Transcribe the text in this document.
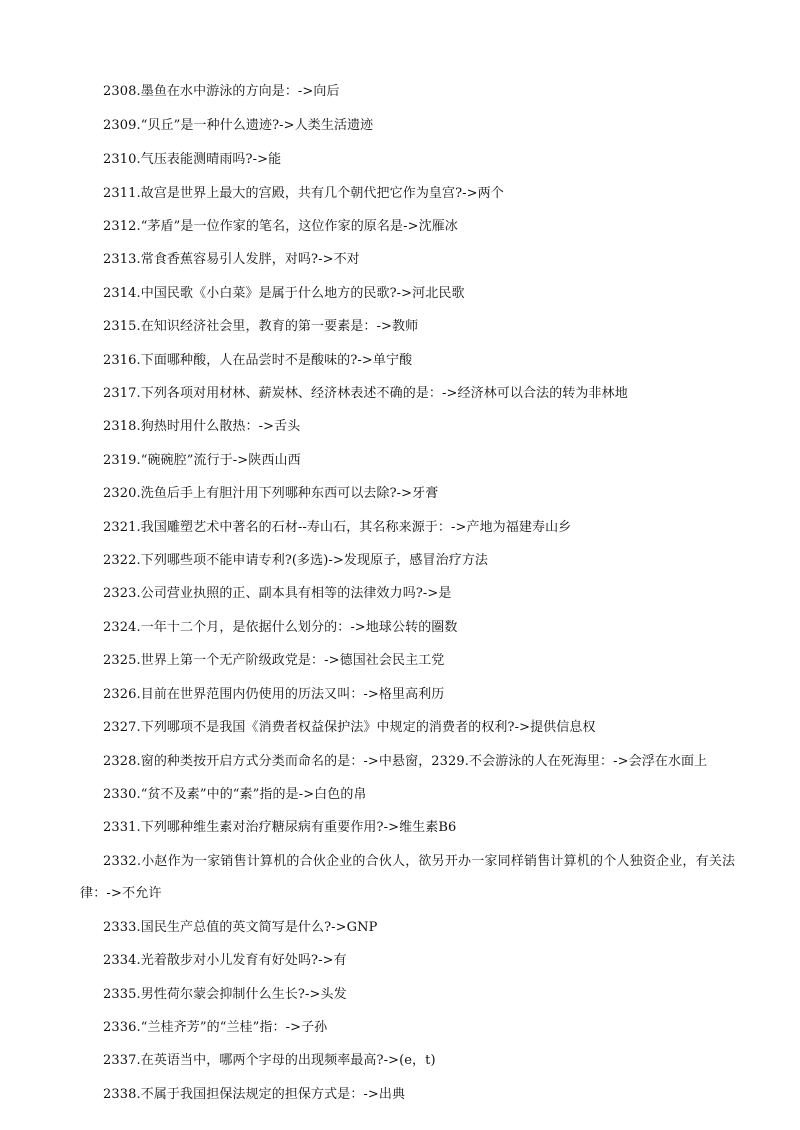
2308.墨鱼在水中游泳的方向是：->向后
2309.“贝丘”是一种什么遗迹?->人类生活遗迹
2310.气压表能测晴雨吗?->能
2311.故宫是世界上最大的宫殿，共有几个朝代把它作为皇宫?->两个
2312.“茅盾”是一位作家的笔名，这位作家的原名是->沈雁冰
2313.常食香蕉容易引人发胖，对吗?->不对
2314.中国民歌《小白菜》是属于什么地方的民歌?->河北民歌
2315.在知识经济社会里，教育的第一要素是：->教师
2316.下面哪种酸，人在品尝时不是酸味的?->单宁酸
2317.下列各项对用材林、薪炭林、经济林表述不确的是：->经济林可以合法的转为非林地
2318.狗热时用什么散热：->舌头
2319.“碗碗腔”流行于->陕西山西
2320.洗鱼后手上有胆汁用下列哪种东西可以去除?->牙膏
2321.我国雕塑艺术中著名的石材--寿山石，其名称来源于：->产地为福建寿山乡
2322.下列哪些项不能申请专利?(多选)->发现原子，感冒治疗方法
2323.公司营业执照的正、副本具有相等的法律效力吗?->是
2324.一年十二个月，是依据什么划分的：->地球公转的圈数
2325.世界上第一个无产阶级政党是：->德国社会民主工党
2326.目前在世界范围内仍使用的历法又叫：->格里高利历
2327.下列哪项不是我国《消费者权益保护法》中规定的消费者的权利?->提供信息权
2328.窗的种类按开启方式分类而命名的是：->中悬窗，2329.不会游泳的人在死海里：->会浮在水面上
2330.“贫不及素”中的“素”指的是->白色的帛
2331.下列哪种维生素对治疗糖尿病有重要作用?->维生素B6
2332.小赵作为一家销售计算机的合伙企业的合伙人，欲另开办一家同样销售计算机的个人独资企业，有关法律：->不允许
2333.国民生产总值的英文简写是什么?->GNP
2334.光着散步对小儿发育有好处吗?->有
2335.男性荷尔蒙会抑制什么生长?->头发
2336.“兰桂齐芳”的“兰桂”指：->子孙
2337.在英语当中，哪两个字母的出现频率最高?->(e，t)
2338.不属于我国担保法规定的担保方式是：->出典
